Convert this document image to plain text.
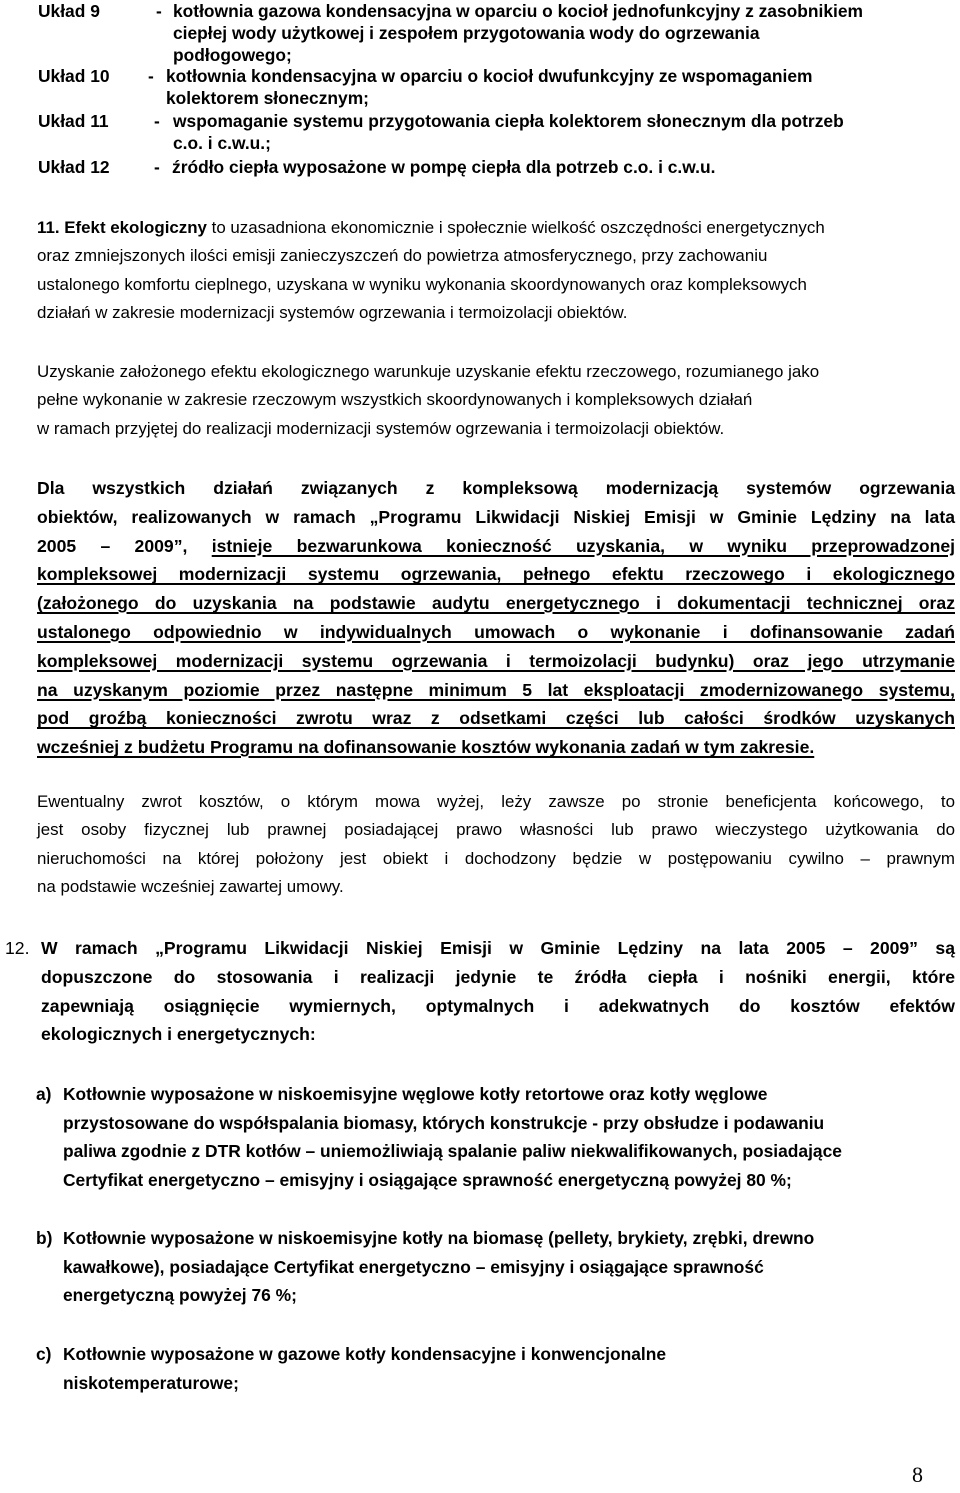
Układ 9	- kotłownia gazowa kondensacyjna w oparciu o kocioł jednofunkcyjny z zasobnikiem
ciepłej wody użytkowej i zespołem przygotowania wody do ogrzewania
podłogowego;
Układ 10 - kotłownia kondensacyjna w oparciu o kocioł dwufunkcyjny ze wspomaganiem
kolektorem słonecznym;
Układ 11	- wspomaganie systemu przygotowania ciepła kolektorem słonecznym dla potrzeb
c.o. i c.w.u.;
Układ 12	- źródło ciepła wyposażone w pompę ciepła dla potrzeb c.o. i c.w.u.
11. Efekt ekologiczny to uzasadniona ekonomicznie i społecznie wielkość oszczędności energetycznych
oraz zmniejszonych ilości emisji zanieczyszczeń do powietrza atmosferycznego, przy zachowaniu
ustalonego komfortu cieplnego, uzyskana w wyniku wykonania skoordynowanych oraz kompleksowych
działań w zakresie modernizacji systemów ogrzewania i termoizolacji obiektów.
Uzyskanie założonego efektu ekologicznego warunkuje uzyskanie efektu rzeczowego, rozumianego jako
pełne wykonanie w zakresie rzeczowym wszystkich skoordynowanych i kompleksowych działań
w ramach przyjętej do realizacji modernizacji systemów ogrzewania i termoizolacji obiektów.
Dla wszystkich działań związanych z kompleksową modernizacją systemów ogrzewania
obiektów, realizowanych w ramach „Programu Likwidacji Niskiej Emisji w Gminie Lędziny na lata
2005 – 2009”, istnieje bezwarunkowa konieczność uzyskania, w wyniku przeprowadzonej
kompleksowej modernizacji systemu ogrzewania, pełnego efektu rzeczowego i ekologicznego
(założonego do uzyskania na podstawie audytu energetycznego i dokumentacji technicznej oraz
ustalonego odpowiednio w indywidualnych umowach o wykonanie i dofinansowanie zadań
kompleksowej modernizacji systemu ogrzewania i termoizolacji budynku) oraz jego utrzymanie
na uzyskanym poziomie przez następne minimum 5 lat eksploatacji zmodernizowanego systemu,
pod groźbą konieczności zwrotu wraz z odsetkami części lub całości środków uzyskanych
wcześniej z budżetu Programu na dofinansowanie kosztów wykonania zadań w tym zakresie.
Ewentualny zwrot kosztów, o którym mowa wyżej, leży zawsze po stronie beneficjenta końcowego, to
jest osoby fizycznej lub prawnej posiadającej prawo własności lub prawo wieczystego użytkowania do
nieruchomości na której położony jest obiekt i dochodzony będzie w postępowaniu cywilno – prawnym
na podstawie wcześniej zawartej umowy.
12. W ramach „Programu Likwidacji Niskiej Emisji w Gminie Lędziny na lata 2005 – 2009” są
dopuszczone do stosowania i realizacji jedynie te źródła ciepła i nośniki energii, które
zapewniają osiągnięcie wymiernych, optymalnych i adekwatnych do kosztów efektów
ekologicznych i energetycznych:
a) Kotłownie wyposażone w niskoemisyjne węglowe kotły retortowe oraz kotły węglowe
przystosowane do współspalania biomasy, których konstrukcje - przy obsłudze i podawaniu
paliwa zgodnie z DTR kotłów – uniemożliwiają spalanie paliw niekwalifikowanych, posiadające
Certyfikat energetyczno – emisyjny i osiągające sprawność energetyczną powyżej 80 %;
b) Kotłownie wyposażone w niskoemisyjne kotły na biomasę (pellety, brykiety, zrębki, drewno
kawałkowe), posiadające Certyfikat energetyczno – emisyjny i osiągające sprawność
energetyczną powyżej 76 %;
c) Kotłownie wyposażone w gazowe kotły kondensacyjne i konwencjonalne
niskotemperaturowe;
8
